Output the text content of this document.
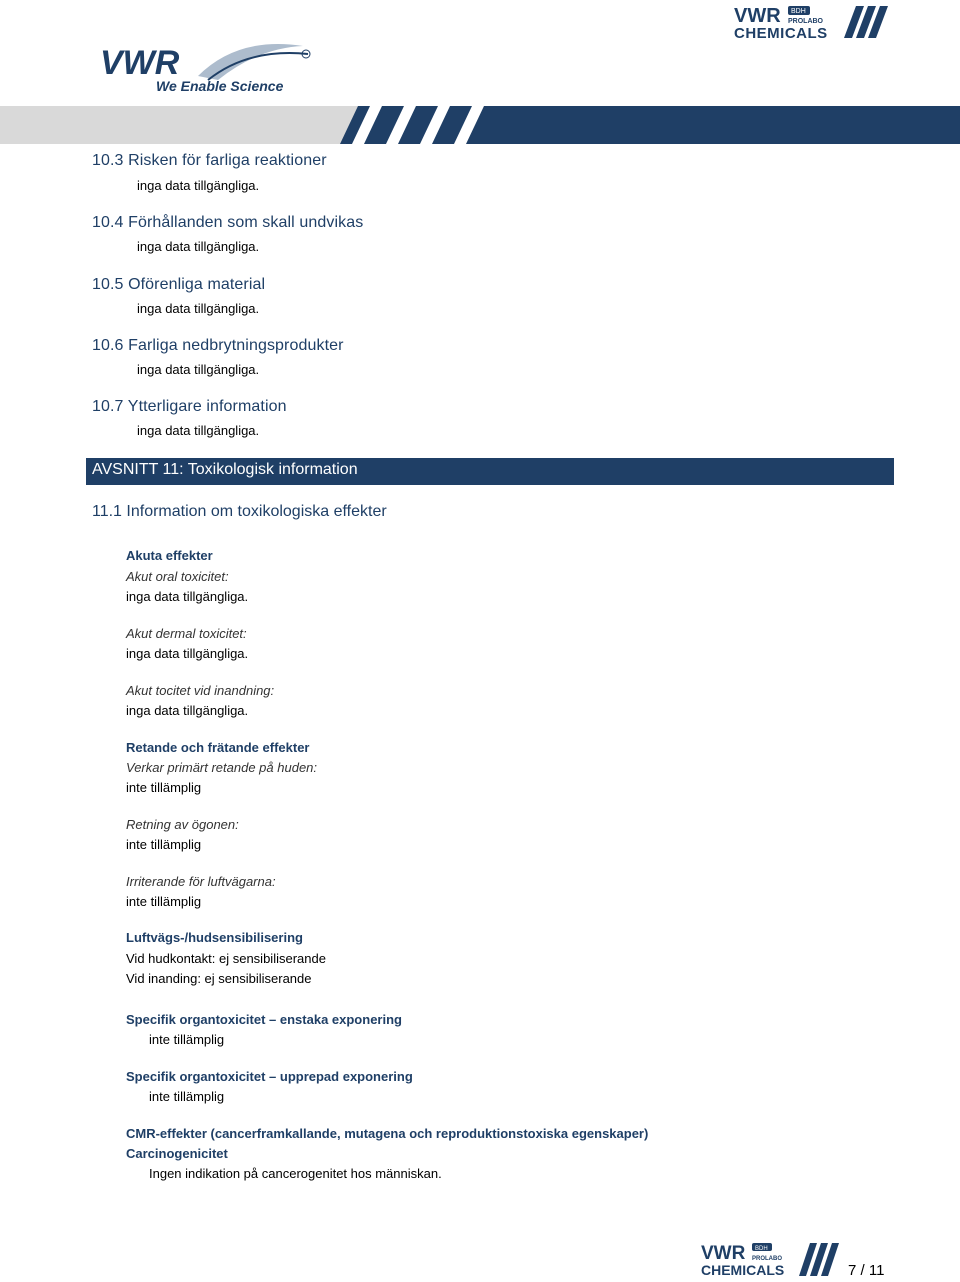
VWR BDH
PROLABO
CHEMICALS
VWR
We Enable Science
10.3 Risken för farliga reaktioner
inga data tillgängliga.
10.4 Förhållanden som skall undvikas
inga data tillgängliga.
10.5 Oförenliga material
inga data tillgängliga.
10.6 Farliga nedbrytningsprodukter
inga data tillgängliga.
10.7 Ytterligare information
inga data tillgängliga.
AVSNITT 11: Toxikologisk information
11.1 Information om toxikologiska effekter
Akuta effekter
Akut oral toxicitet:
inga data tillgängliga.
Akut dermal toxicitet:
inga data tillgängliga.
Akut tocitet vid inandning:
inga data tillgängliga.
Retande och frätande effekter
Verkar primärt retande på huden:
inte tillämplig
Retning av ögonen:
inte tillämplig
Irriterande för luftvägarna:
inte tillämplig
Luftvägs-/hudsensibilisering
Vid hudkontakt: ej sensibiliserande
Vid inanding: ej sensibiliserande
Specifik organtoxicitet – enstaka exponering
inte tillämplig
Specifik organtoxicitet – upprepad exponering
inte tillämplig
CMR-effekter (cancerframkallande, mutagena och reproduktionstoxiska egenskaper)
Carcinogenicitet
Ingen indikation på cancerogenitet hos människan.
VWR BDH
PROLABO
CHEMICALS	7 / 11
